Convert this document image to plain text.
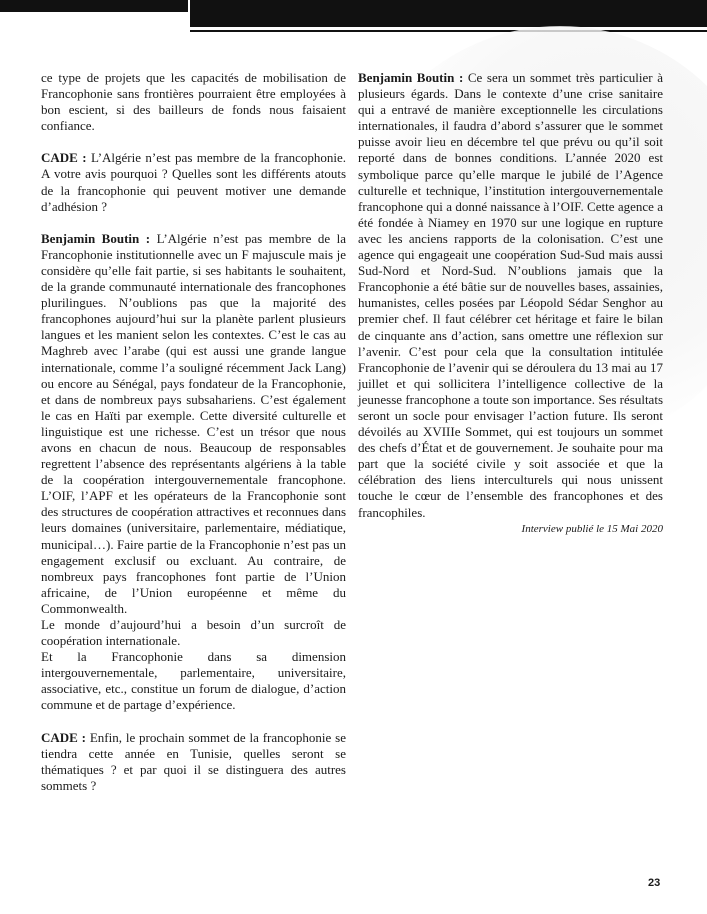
ce type de projets que les capacités de mobilisation de Francophonie sans frontières pourraient être employées à bon escient, si des bailleurs de fonds nous faisaient confiance.

CADE : L’Algérie n’est pas membre de la francophonie. A votre avis pourquoi ? Quelles sont les différents atouts de la francophonie qui peuvent motiver une demande d’adhésion ?

Benjamin Boutin : L’Algérie n’est pas membre de la Francophonie institutionnelle avec un F majuscule mais je considère qu’elle fait partie, si ses habitants le souhaitent, de la grande communauté internationale des francophones plurilingues. N’oublions pas que la majorité des francophones aujourd’hui sur la planète parlent plusieurs langues et les manient selon les contextes. C’est le cas au Maghreb avec l’arabe (qui est aussi une grande langue internationale, comme l’a souligné récemment Jack Lang) ou encore au Sénégal, pays fondateur de la Francophonie, et dans de nombreux pays subsahariens. C’est également le cas en Haïti par exemple. Cette diversité culturelle et linguistique est une richesse. C’est un trésor que nous avons en chacun de nous. Beaucoup de responsables regrettent l’absence des représentants algériens à la table de la coopération intergouvernementale francophone. L’OIF, l’APF et les opérateurs de la Francophonie sont des structures de coopération attractives et reconnues dans leurs domaines (universitaire, parlementaire, médiatique, municipal…). Faire partie de la Francophonie n’est pas un engagement exclusif ou excluant. Au contraire, de nombreux pays francophones font partie de l’Union africaine, de l’Union européenne et même du Commonwealth.

Le monde d’aujourd’hui a besoin d’un surcroît de coopération internationale.

Et la Francophonie dans sa dimension intergouvernementale, parlementaire, universitaire, associative, etc., constitue un forum de dialogue, d’action commune et de partage d’expérience.

CADE : Enfin, le prochain sommet de la francophonie se tiendra cette année en Tunisie, quelles seront se thématiques ? et par quoi il se distinguera des autres sommets ?

Benjamin Boutin : Ce sera un sommet très particulier à plusieurs égards. Dans le contexte d’une crise sanitaire qui a entravé de manière exceptionnelle les circulations internationales, il faudra d’abord s’assurer que le sommet puisse avoir lieu en décembre tel que prévu ou qu’il soit reporté dans de bonnes conditions. L’année 2020 est symbolique parce qu’elle marque le jubilé de l’Agence culturelle et technique, l’institution intergouvernementale francophone qui a donné naissance à l’OIF. Cette agence a été fondée à Niamey en 1970 sur une logique en rupture avec les anciens rapports de la colonisation. C’est une agence qui engageait une coopération Sud-Sud mais aussi Sud-Nord et Nord-Sud. N’oublions jamais que la Francophonie a été bâtie sur de nouvelles bases, assainies, humanistes, celles posées par Léopold Sédar Senghor au premier chef. Il faut célébrer cet héritage et faire le bilan de cinquante ans d’action, sans omettre une réflexion sur l’avenir. C’est pour cela que la consultation intitulée Francophonie de l’avenir qui se déroulera du 13 mai au 17 juillet et qui sollicitera l’intelligence collective de la jeunesse francophone a toute son importance. Ses résultats seront un socle pour envisager l’action future. Ils seront dévoilés au XVIIIe Sommet, qui est toujours un sommet des chefs d’État et de gouvernement. Je souhaite pour ma part que la société civile y soit associée et que la célébration des liens interculturels qui nous unissent touche le cœur de l’ensemble des francophones et des francophiles.

Interview publié le 15 Mai 2020

23
